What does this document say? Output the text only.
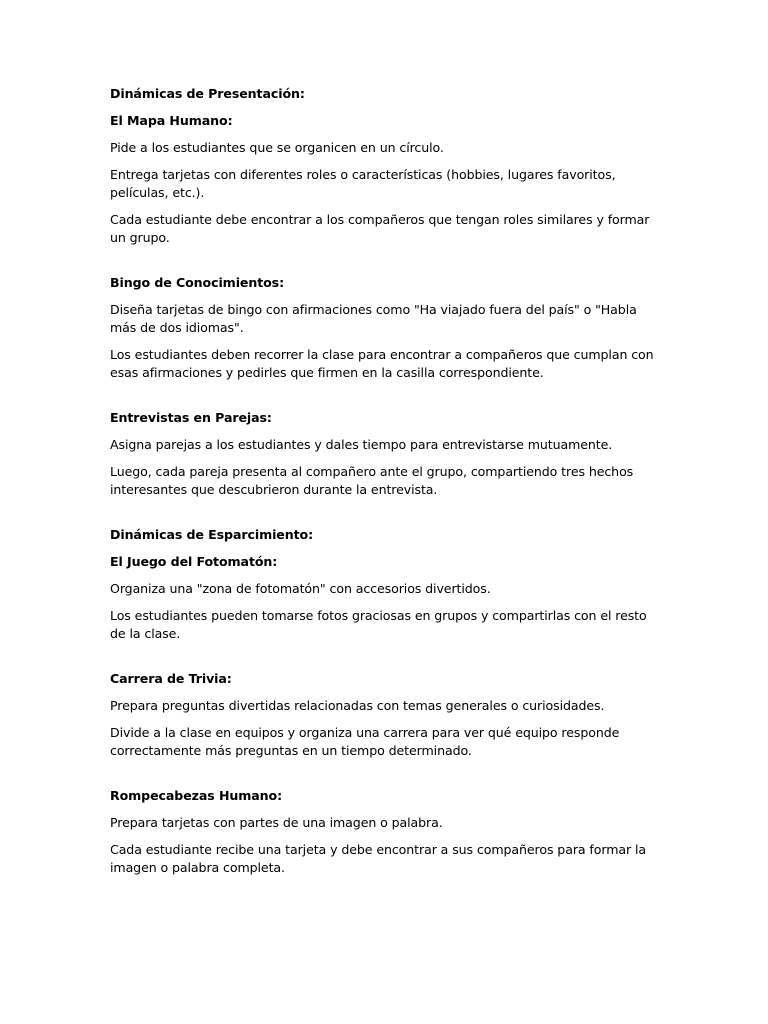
Dinámicas de Presentación:

El Mapa Humano:

Pide a los estudiantes que se organicen en un círculo.

Entrega tarjetas con diferentes roles o características (hobbies, lugares favoritos, películas, etc.).

Cada estudiante debe encontrar a los compañeros que tengan roles similares y formar un grupo.

Bingo de Conocimientos:

Diseña tarjetas de bingo con afirmaciones como "Ha viajado fuera del país" o "Habla más de dos idiomas".

Los estudiantes deben recorrer la clase para encontrar a compañeros que cumplan con esas afirmaciones y pedirles que firmen en la casilla correspondiente.

Entrevistas en Parejas:

Asigna parejas a los estudiantes y dales tiempo para entrevistarse mutuamente.

Luego, cada pareja presenta al compañero ante el grupo, compartiendo tres hechos interesantes que descubrieron durante la entrevista.

Dinámicas de Esparcimiento:

El Juego del Fotomatón:

Organiza una "zona de fotomatón" con accesorios divertidos.

Los estudiantes pueden tomarse fotos graciosas en grupos y compartirlas con el resto de la clase.

Carrera de Trivia:

Prepara preguntas divertidas relacionadas con temas generales o curiosidades.

Divide a la clase en equipos y organiza una carrera para ver qué equipo responde correctamente más preguntas en un tiempo determinado.

Rompecabezas Humano:

Prepara tarjetas con partes de una imagen o palabra.

Cada estudiante recibe una tarjeta y debe encontrar a sus compañeros para formar la imagen o palabra completa.
